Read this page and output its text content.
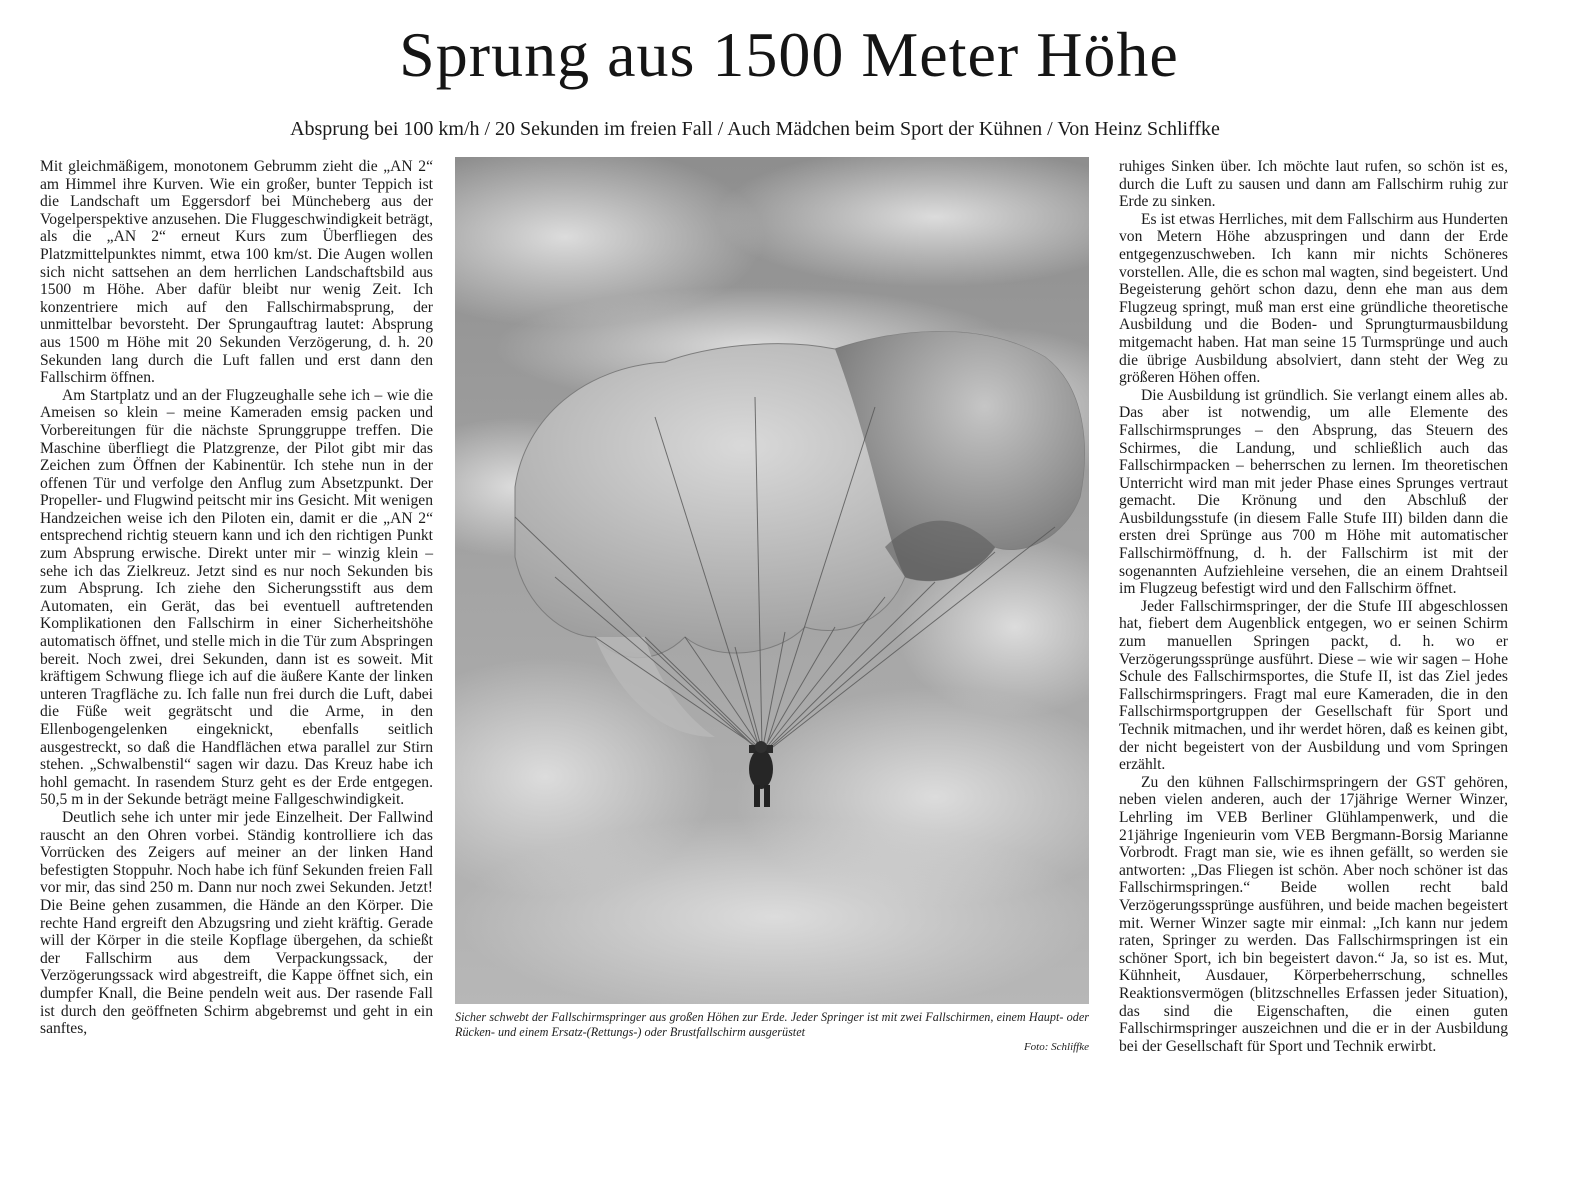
Sprung aus 1500 Meter Höhe
Absprung bei 100 km/h / 20 Sekunden im freien Fall / Auch Mädchen beim Sport der Kühnen / Von Heinz Schliffke

Mit gleichmäßigem, monotonem Gebrumm zieht die „AN 2“ am Himmel ihre Kurven. Wie ein großer, bunter Teppich ist die Landschaft um Eggersdorf bei Müncheberg aus der Vogelperspektive anzusehen. Die Fluggeschwindigkeit beträgt, als die „AN 2“ erneut Kurs zum Überfliegen des Platzmittelpunktes nimmt, etwa 100 km/st. Die Augen wollen sich nicht sattsehen an dem herrlichen Landschaftsbild aus 1500 m Höhe. Aber dafür bleibt nur wenig Zeit. Ich konzentriere mich auf den Fallschirmabsprung, der unmittelbar bevorsteht. Der Sprungauftrag lautet: Absprung aus 1500 m Höhe mit 20 Sekunden Verzögerung, d. h. 20 Sekunden lang durch die Luft fallen und erst dann den Fallschirm öffnen.

Am Startplatz und an der Flugzeughalle sehe ich – wie die Ameisen so klein – meine Kameraden emsig packen und Vorbereitungen für die nächste Sprunggruppe treffen. Die Maschine überfliegt die Platzgrenze, der Pilot gibt mir das Zeichen zum Öffnen der Kabinentür. Ich stehe nun in der offenen Tür und verfolge den Anflug zum Absetzpunkt. Der Propeller- und Flugwind peitscht mir ins Gesicht. Mit wenigen Handzeichen weise ich den Piloten ein, damit er die „AN 2“ entsprechend richtig steuern kann und ich den richtigen Punkt zum Absprung erwische. Direkt unter mir – winzig klein – sehe ich das Zielkreuz. Jetzt sind es nur noch Sekunden bis zum Absprung. Ich ziehe den Sicherungsstift aus dem Automaten, ein Gerät, das bei eventuell auftretenden Komplikationen den Fallschirm in einer Sicherheitshöhe automatisch öffnet, und stelle mich in die Tür zum Abspringen bereit. Noch zwei, drei Sekunden, dann ist es soweit. Mit kräftigem Schwung fliege ich auf die äußere Kante der linken unteren Tragfläche zu. Ich falle nun frei durch die Luft, dabei die Füße weit gegrätscht und die Arme, in den Ellenbogengelenken eingeknickt, ebenfalls seitlich ausgestreckt, so daß die Handflächen etwa parallel zur Stirn stehen. „Schwalbenstil“ sagen wir dazu. Das Kreuz habe ich hohl gemacht. In rasendem Sturz geht es der Erde entgegen. 50,5 m in der Sekunde beträgt meine Fallgeschwindigkeit.

Deutlich sehe ich unter mir jede Einzelheit. Der Fallwind rauscht an den Ohren vorbei. Ständig kontrolliere ich das Vorrücken des Zeigers auf meiner an der linken Hand befestigten Stoppuhr. Noch habe ich fünf Sekunden freien Fall vor mir, das sind 250 m. Dann nur noch zwei Sekunden. Jetzt! Die Beine gehen zusammen, die Hände an den Körper. Die rechte Hand ergreift den Abzugsring und zieht kräftig. Gerade will der Körper in die steile Kopflage übergehen, da schießt der Fallschirm aus dem Verpackungssack, der Verzögerungssack wird abgestreift, die Kappe öffnet sich, ein dumpfer Knall, die Beine pendeln weit aus. Der rasende Fall ist durch den geöffneten Schirm abgebremst und geht in ein sanftes,

Sicher schwebt der Fallschirmspringer aus großen Höhen zur Erde. Jeder Springer ist mit zwei Fallschirmen, einem Haupt- oder Rücken- und einem Ersatz-(Rettungs-) oder Brustfallschirm ausgerüstet
Foto: Schliffke

ruhiges Sinken über. Ich möchte laut rufen, so schön ist es, durch die Luft zu sausen und dann am Fallschirm ruhig zur Erde zu sinken.

Es ist etwas Herrliches, mit dem Fallschirm aus Hunderten von Metern Höhe abzuspringen und dann der Erde entgegenzuschweben. Ich kann mir nichts Schöneres vorstellen. Alle, die es schon mal wagten, sind begeistert. Und Begeisterung gehört schon dazu, denn ehe man aus dem Flugzeug springt, muß man erst eine gründliche theoretische Ausbildung und die Boden- und Sprungturmausbildung mitgemacht haben. Hat man seine 15 Turmsprünge und auch die übrige Ausbildung absolviert, dann steht der Weg zu größeren Höhen offen.

Die Ausbildung ist gründlich. Sie verlangt einem alles ab. Das aber ist notwendig, um alle Elemente des Fallschirmsprunges – den Absprung, das Steuern des Schirmes, die Landung, und schließlich auch das Fallschirmpacken – beherrschen zu lernen. Im theoretischen Unterricht wird man mit jeder Phase eines Sprunges vertraut gemacht. Die Krönung und den Abschluß der Ausbildungsstufe (in diesem Falle Stufe III) bilden dann die ersten drei Sprünge aus 700 m Höhe mit automatischer Fallschirmöffnung, d. h. der Fallschirm ist mit der sogenannten Aufziehleine versehen, die an einem Drahtseil im Flugzeug befestigt wird und den Fallschirm öffnet.

Jeder Fallschirmspringer, der die Stufe III abgeschlossen hat, fiebert dem Augenblick entgegen, wo er seinen Schirm zum manuellen Springen packt, d. h. wo er Verzögerungssprünge ausführt. Diese – wie wir sagen – Hohe Schule des Fallschirmsportes, die Stufe II, ist das Ziel jedes Fallschirmspringers. Fragt mal eure Kameraden, die in den Fallschirmsportgruppen der Gesellschaft für Sport und Technik mitmachen, und ihr werdet hören, daß es keinen gibt, der nicht begeistert von der Ausbildung und vom Springen erzählt.

Zu den kühnen Fallschirmspringern der GST gehören, neben vielen anderen, auch der 17jährige Werner Winzer, Lehrling im VEB Berliner Glühlampenwerk, und die 21jährige Ingenieurin vom VEB Bergmann-Borsig Marianne Vorbrodt. Fragt man sie, wie es ihnen gefällt, so werden sie antworten: „Das Fliegen ist schön. Aber noch schöner ist das Fallschirmspringen.“ Beide wollen recht bald Verzögerungssprünge ausführen, und beide machen begeistert mit. Werner Winzer sagte mir einmal: „Ich kann nur jedem raten, Springer zu werden. Das Fallschirmspringen ist ein schöner Sport, ich bin begeistert davon.“ Ja, so ist es. Mut, Kühnheit, Ausdauer, Körperbeherrschung, schnelles Reaktionsvermögen (blitzschnelles Erfassen jeder Situation), das sind die Eigenschaften, die einen guten Fallschirmspringer auszeichnen und die er in der Ausbildung bei der Gesellschaft für Sport und Technik erwirbt.
